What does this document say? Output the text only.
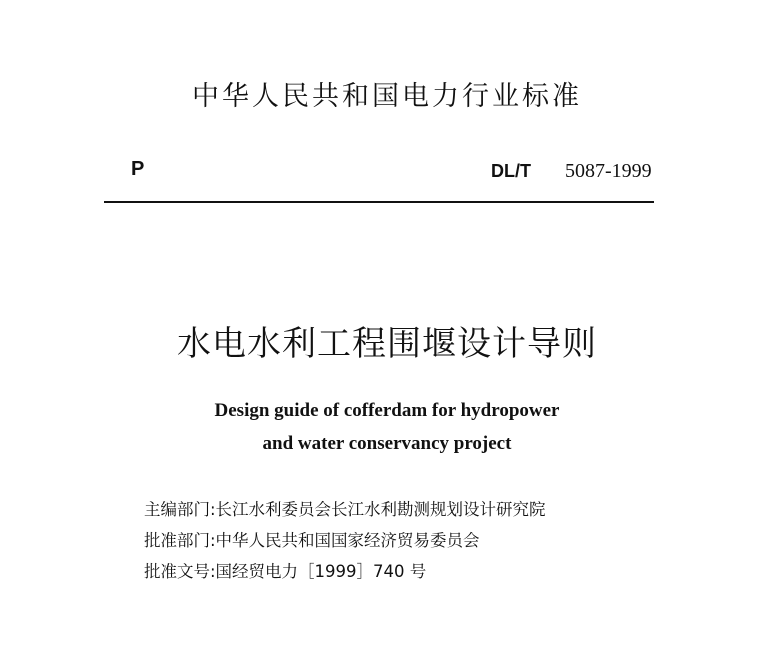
中华人民共和国电力行业标准
P	DL/T 5087-1999
水电水利工程围堰设计导则
Design guide of cofferdam for hydropower
and water conservancy project
主编部门:长江水利委员会长江水利勘测规划设计研究院
批准部门:中华人民共和国国家经济贸易委员会
批准文号:国经贸电力［1999］740 号
